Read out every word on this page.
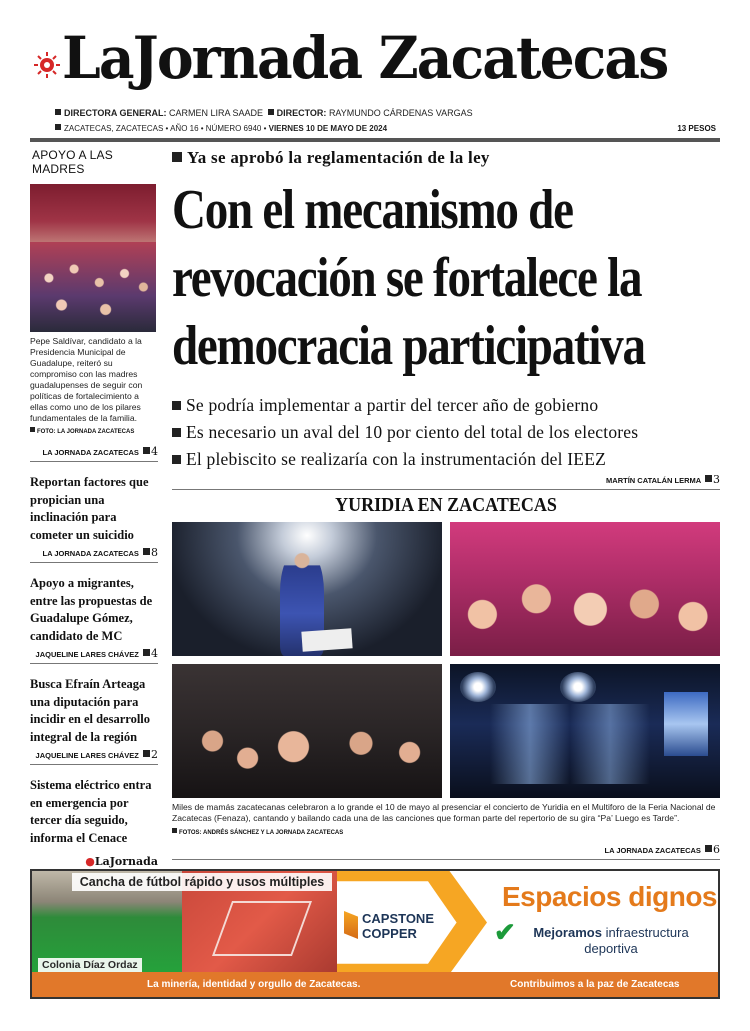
LaJornada Zacatecas
DIRECTORA GENERAL: CARMEN LIRA SAADE DIRECTOR: RAYMUNDO CÁRDENAS VARGAS
ZACATECAS, ZACATECAS • AÑO 16 • NÚMERO 6940 • VIERNES 10 DE MAYO DE 2024	13 PESOS
APOYO A LAS MADRES
Pepe Saldívar, candidato a la Presidencia Municipal de Guadalupe, reiteró su compromiso con las madres guadalupenses de seguir con políticas de fortalecimiento a ellas como uno de los pilares fundamentales de la familia.
FOTO: LA JORNADA ZACATECAS
LA JORNADA ZACATECAS 4
Reportan factores que propician una inclinación para cometer un suicidio
LA JORNADA ZACATECAS 8
Apoyo a migrantes, entre las propuestas de Guadalupe Gómez, candidato de MC
JAQUELINE LARES CHÁVEZ 4
Busca Efraín Arteaga una diputación para incidir en el desarrollo integral de la región
JAQUELINE LARES CHÁVEZ 2
Sistema eléctrico entra en emergencia por tercer día seguido, informa el Cenace
●LaJornada
Ya se aprobó la reglamentación de la ley
Con el mecanismo de revocación se fortalece la democracia participativa
Se podría implementar a partir del tercer año de gobierno
Es necesario un aval del 10 por ciento del total de los electores
El plebiscito se realizaría con la instrumentación del IEEZ
MARTÍN CATALÁN LERMA 3
YURIDIA EN ZACATECAS
Miles de mamás zacatecanas celebraron a lo grande el 10 de mayo al presenciar el concierto de Yuridia en el Multiforo de la Feria Nacional de Zacatecas (Fenaza), cantando y bailando cada una de las canciones que forman parte del repertorio de su gira “Pa’ Luego es Tarde”.
FOTOS: ANDRÉS SÁNCHEZ Y LA JORNADA ZACATECAS
LA JORNADA ZACATECAS 6
Cancha de fútbol rápido y usos múltiples
Colonia Díaz Ordaz
CAPSTONE
COPPER
Espacios dignos
✔	Mejoramos infraestructura deportiva
La minería, identidad y orgullo de Zacatecas.	Contribuimos a la paz de Zacatecas
